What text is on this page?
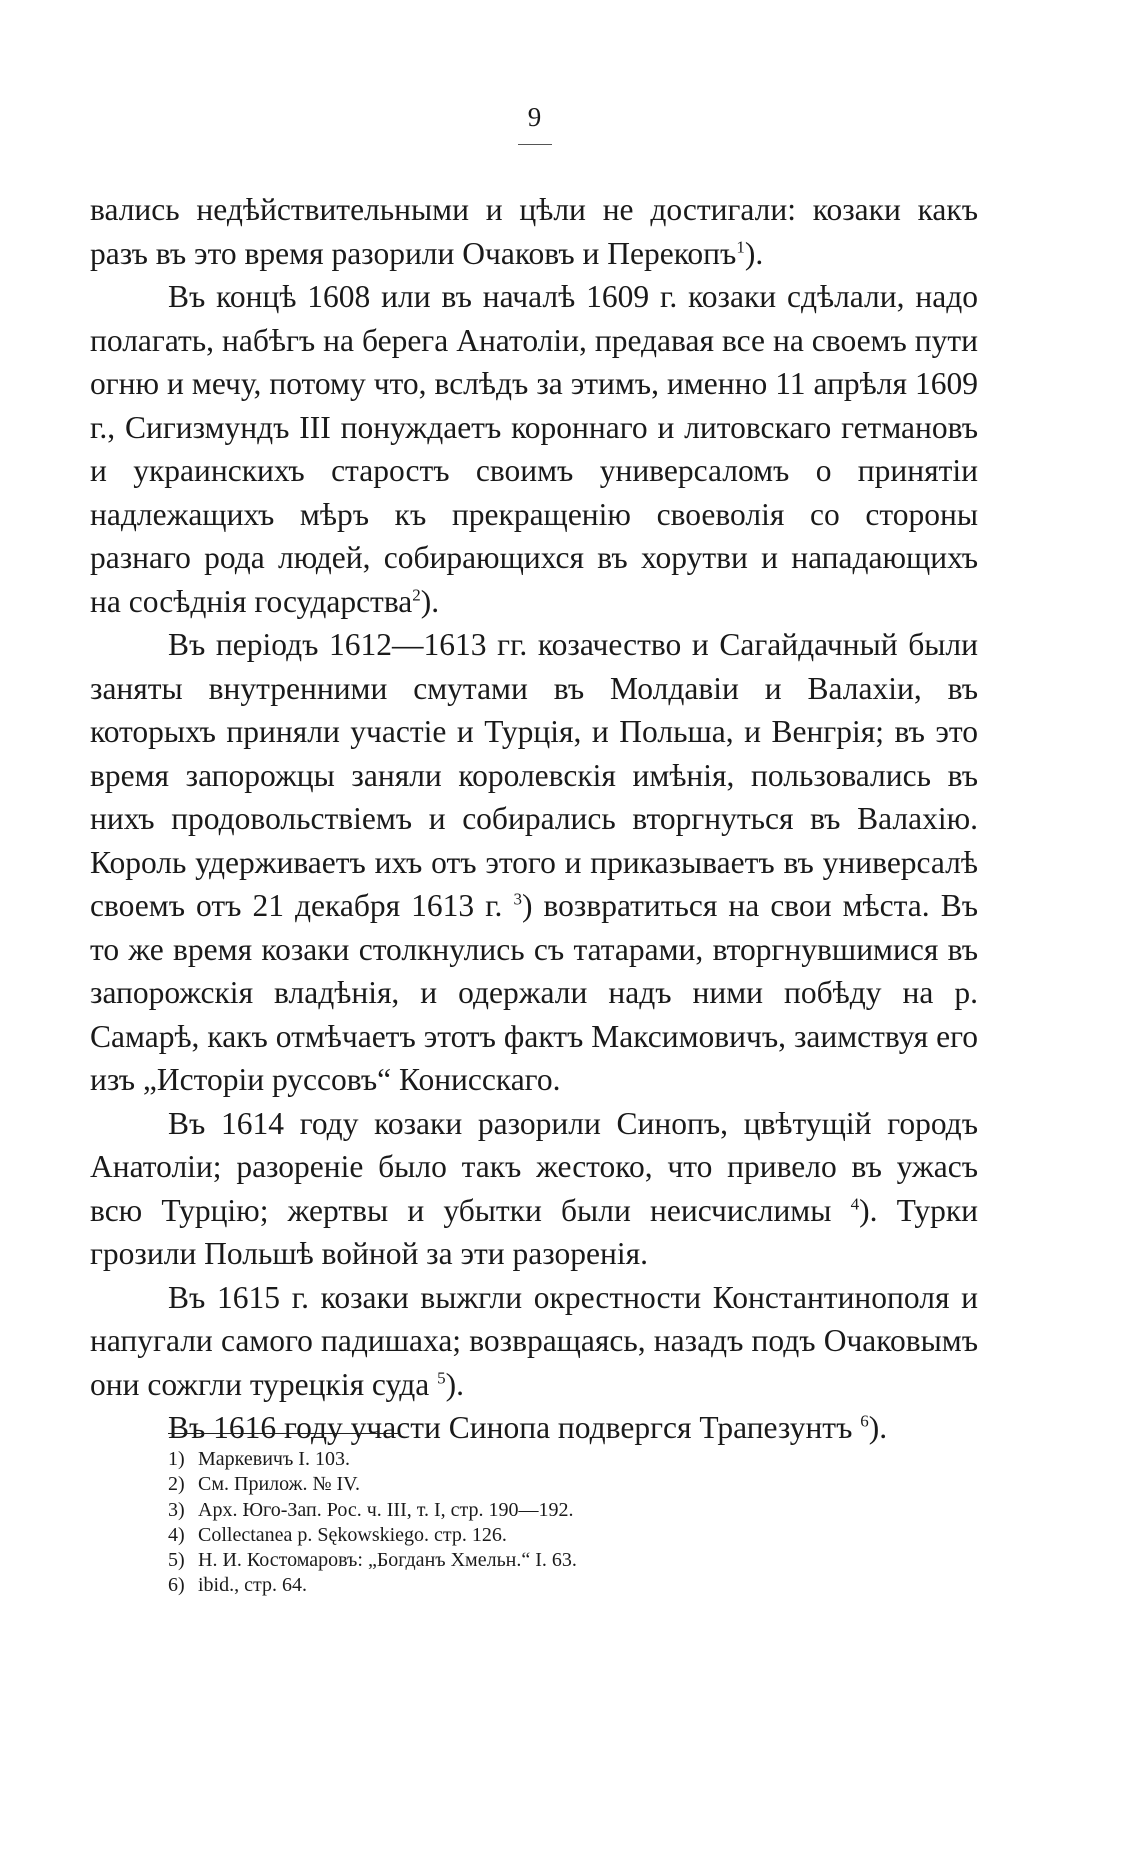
9

вались недѣйствительными и цѣли не достигали: козаки какъ разъ въ это время разорили Очаковъ и Перекопъ$^1$).

Въ концѣ 1608 или въ началѣ 1609 г. козаки сдѣлали, надо полагать, набѣгъ на берега Анатоліи, предавая все на своемъ пути огню и мечу, потому что, вслѣдъ за этимъ, именно 11 апрѣля 1609 г., Сигизмундъ III понуждаетъ короннаго и литовскаго гетмановъ и украинскихъ старостъ своимъ универсаломъ о принятіи надлежащихъ мѣръ къ прекращенію своеволія со стороны разнаго рода людей, собирающихся въ хорутви и нападающихъ на сосѣднія государства$^2$).

Въ періодъ 1612—1613 гг. козачество и Сагайдачный были заняты внутренними смутами въ Молдавіи и Валахіи, въ которыхъ приняли участіе и Турція, и Польша, и Венгрія; въ это время запорожцы заняли королевскія имѣнія, пользовались въ нихъ продовольствіемъ и собирались вторгнуться въ Валахію. Король удерживаетъ ихъ отъ этого и приказываетъ въ универсалѣ своемъ отъ 21 декабря 1613 г. $^3$) возвратиться на свои мѣста. Въ то же время козаки столкнулись съ татарами, вторгнувшимися въ запорожскія владѣнія, и одержали надъ ними побѣду на р. Самарѣ, какъ отмѣчаетъ этотъ фактъ Максимовичъ, заимствуя его изъ „Исторіи руссовъ“ Конисскаго.

Въ 1614 году козаки разорили Синопъ, цвѣтущій городъ Анатоліи; разореніе было такъ жестоко, что привело въ ужасъ всю Турцію; жертвы и убытки были неисчислимы $^4$). Турки грозили Польшѣ войной за эти разоренія.

Въ 1615 г. козаки выжгли окрестности Константинополя и напугали самого падишаха; возвращаясь, назадъ подъ Очаковымъ они сожгли турецкія суда $^5$).

Въ 1616 году участи Синопа подвергся Трапезунтъ $^6$).

1) Маркевичъ I. 103.
2) См. Прилож. № IV.
3) Арх. Юго-Зап. Рос. ч. III, т. I, стр. 190—192.
4) Collectanea p. Sękowskiego. стр. 126.
5) Н. И. Костомаровъ: „Богданъ Хмельн.“ I. 63.
6) ibid., стр. 64.
